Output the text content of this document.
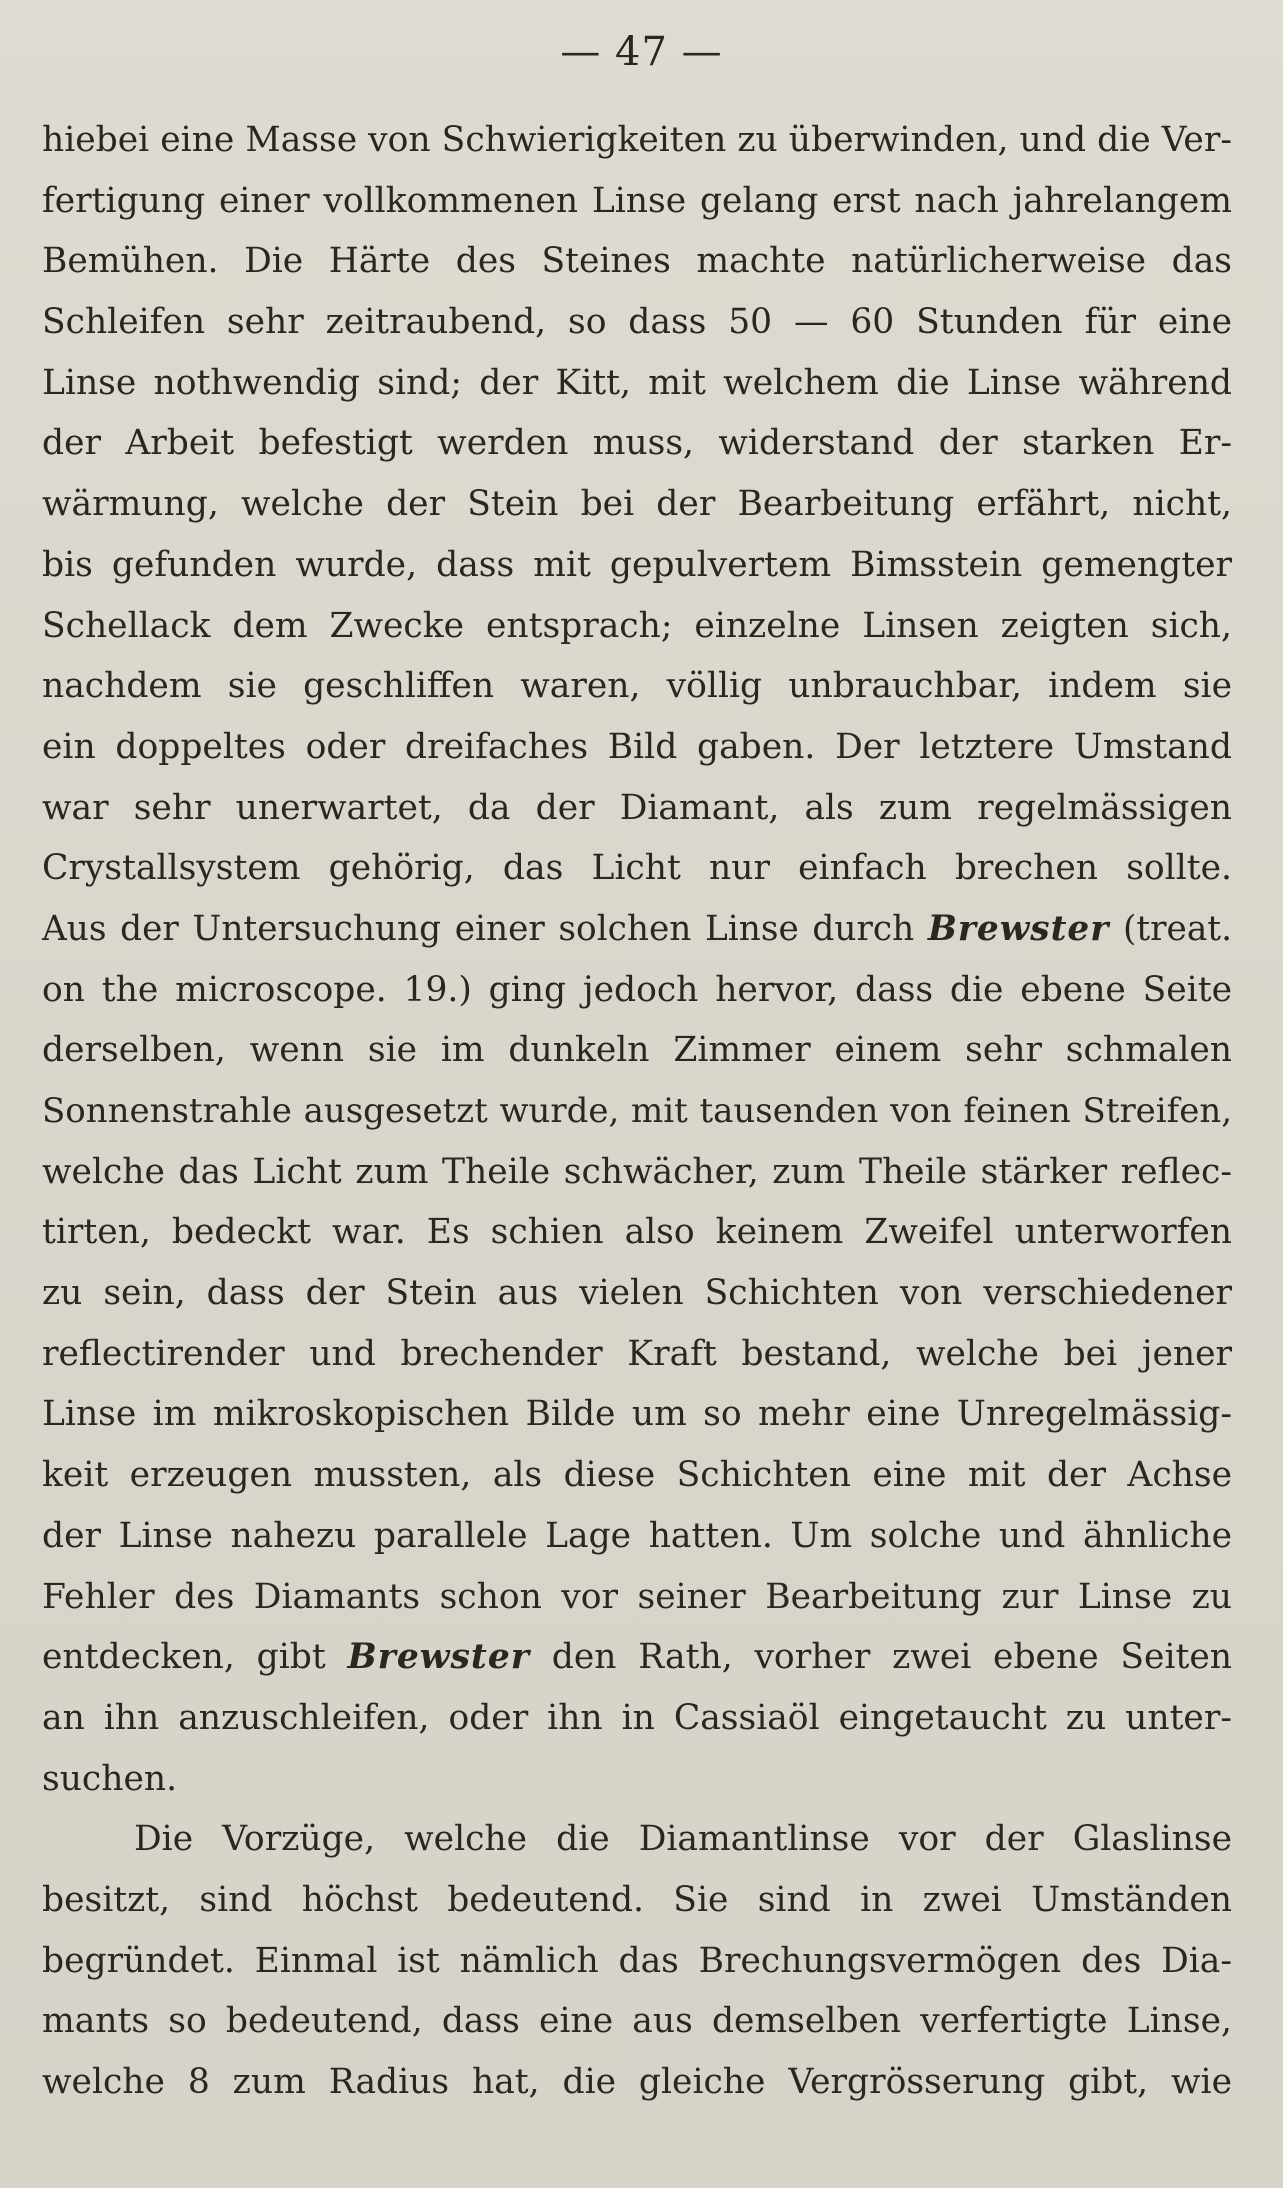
— 47 —
hiebei eine Masse von Schwierigkeiten zu überwinden, und die Ver-
fertigung einer vollkommenen Linse gelang erst nach jahrelangem
Bemühen. Die Härte des Steines machte natürlicherweise das
Schleifen sehr zeitraubend, so dass 50 — 60 Stunden für eine
Linse nothwendig sind; der Kitt, mit welchem die Linse während
der Arbeit befestigt werden muss, widerstand der starken Er-
wärmung, welche der Stein bei der Bearbeitung erfährt, nicht,
bis gefunden wurde, dass mit gepulvertem Bimsstein gemengter
Schellack dem Zwecke entsprach; einzelne Linsen zeigten sich,
nachdem sie geschliffen waren, völlig unbrauchbar, indem sie
ein doppeltes oder dreifaches Bild gaben. Der letztere Umstand
war sehr unerwartet, da der Diamant, als zum regelmässigen
Crystallsystem gehörig, das Licht nur einfach brechen sollte.
Aus der Untersuchung einer solchen Linse durch Brewster (treat.
on the microscope. 19.) ging jedoch hervor, dass die ebene Seite
derselben, wenn sie im dunkeln Zimmer einem sehr schmalen
Sonnenstrahle ausgesetzt wurde, mit tausenden von feinen Streifen,
welche das Licht zum Theile schwächer, zum Theile stärker reflec-
tirten, bedeckt war. Es schien also keinem Zweifel unterworfen
zu sein, dass der Stein aus vielen Schichten von verschiedener
reflectirender und brechender Kraft bestand, welche bei jener
Linse im mikroskopischen Bilde um so mehr eine Unregelmässig-
keit erzeugen mussten, als diese Schichten eine mit der Achse
der Linse nahezu parallele Lage hatten. Um solche und ähnliche
Fehler des Diamants schon vor seiner Bearbeitung zur Linse zu
entdecken, gibt Brewster den Rath, vorher zwei ebene Seiten
an ihn anzuschleifen, oder ihn in Cassiaöl eingetaucht zu unter-
suchen.
Die Vorzüge, welche die Diamantlinse vor der Glaslinse
besitzt, sind höchst bedeutend. Sie sind in zwei Umständen
begründet. Einmal ist nämlich das Brechungsvermögen des Dia-
mants so bedeutend, dass eine aus demselben verfertigte Linse,
welche 8 zum Radius hat, die gleiche Vergrösserung gibt, wie
